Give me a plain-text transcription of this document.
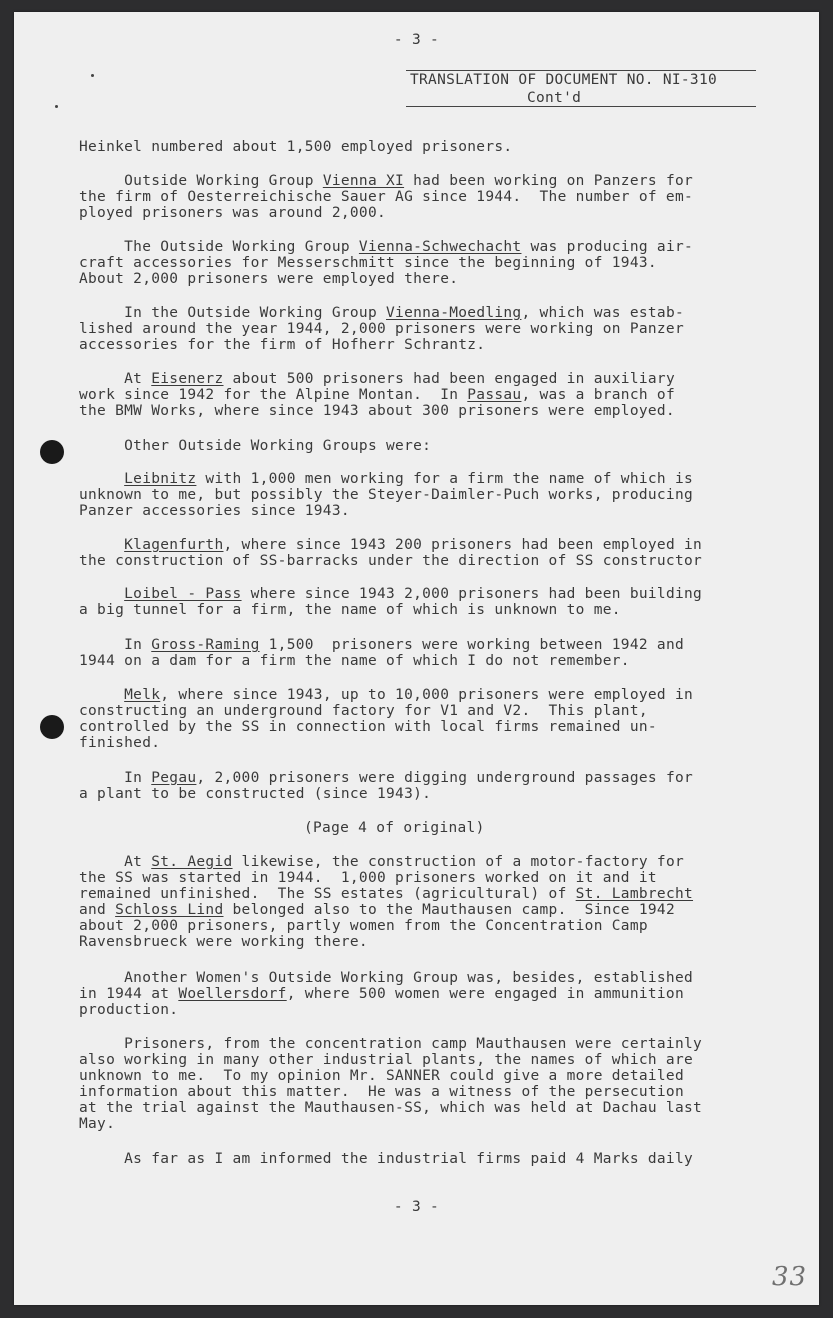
- 3 -
TRANSLATION OF DOCUMENT NO. NI-310
Cont'd
Heinkel numbered about 1,500 employed prisoners.
Outside Working Group Vienna XI had been working on Panzers for
the firm of Oesterreichische Sauer AG since 1944.  The number of em-
ployed prisoners was around 2,000.
The Outside Working Group Vienna-Schwechacht was producing air-
craft accessories for Messerschmitt since the beginning of 1943.
About 2,000 prisoners were employed there.
In the Outside Working Group Vienna-Moedling, which was estab-
lished around the year 1944, 2,000 prisoners were working on Panzer
accessories for the firm of Hofherr Schrantz.
At Eisenerz about 500 prisoners had been engaged in auxiliary
work since 1942 for the Alpine Montan.  In Passau, was a branch of
the BMW Works, where since 1943 about 300 prisoners were employed.
Other Outside Working Groups were:
Leibnitz with 1,000 men working for a firm the name of which is
unknown to me, but possibly the Steyer-Daimler-Puch works, producing
Panzer accessories since 1943.
Klagenfurth, where since 1943 200 prisoners had been employed in
the construction of SS-barracks under the direction of SS constructor
Loibel - Pass where since 1943 2,000 prisoners had been building
a big tunnel for a firm, the name of which is unknown to me.
In Gross-Raming 1,500  prisoners were working between 1942 and
1944 on a dam for a firm the name of which I do not remember.
Melk, where since 1943, up to 10,000 prisoners were employed in
constructing an underground factory for V1 and V2.  This plant,
controlled by the SS in connection with local firms remained un-
finished.
In Pegau, 2,000 prisoners were digging underground passages for
a plant to be constructed (since 1943).
(Page 4 of original)
At St. Aegid likewise, the construction of a motor-factory for
the SS was started in 1944.  1,000 prisoners worked on it and it
remained unfinished.  The SS estates (agricultural) of St. Lambrecht
and Schloss Lind belonged also to the Mauthausen camp.  Since 1942
about 2,000 prisoners, partly women from the Concentration Camp
Ravensbrueck were working there.
Another Women's Outside Working Group was, besides, established
in 1944 at Woellersdorf, where 500 women were engaged in ammunition
production.
Prisoners, from the concentration camp Mauthausen were certainly
also working in many other industrial plants, the names of which are
unknown to me.  To my opinion Mr. SANNER could give a more detailed
information about this matter.  He was a witness of the persecution
at the trial against the Mauthausen-SS, which was held at Dachau last
May.
As far as I am informed the industrial firms paid 4 Marks daily
- 3 -
33
